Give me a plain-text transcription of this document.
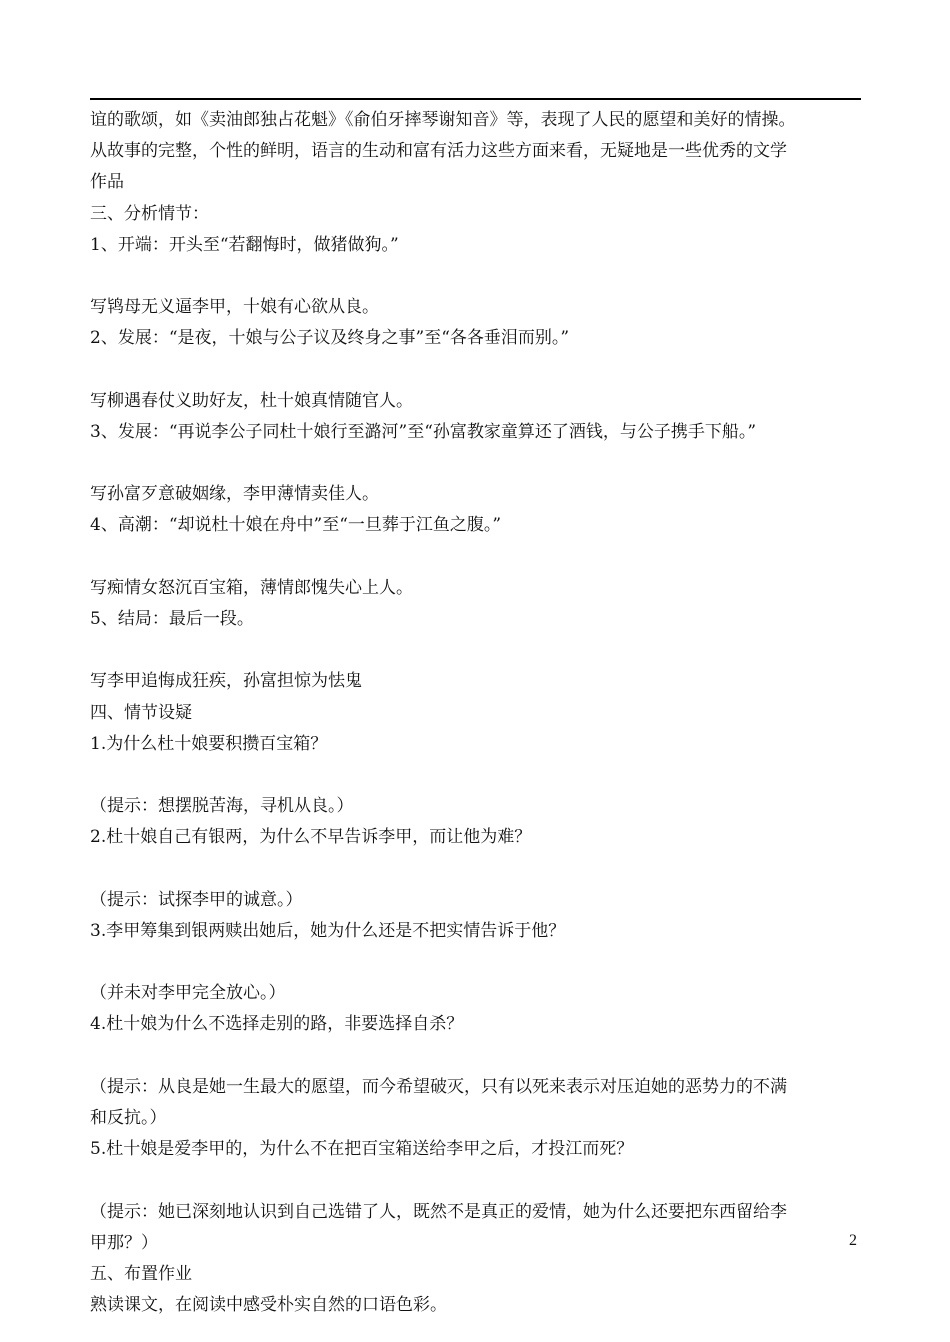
谊的歌颂，如《卖油郎独占花魁》《俞伯牙摔琴谢知音》等，表现了人民的愿望和美好的情操。
从故事的完整，个性的鲜明，语言的生动和富有活力这些方面来看，无疑地是一些优秀的文学
作品
三、分析情节：
1、开端：开头至“若翻悔时，做猪做狗。”
写鸨母无义逼李甲，十娘有心欲从良。
2、发展：“是夜，十娘与公子议及终身之事”至“各各垂泪而别。”
写柳遇春仗义助好友，杜十娘真情随官人。
3、发展：“再说李公子同杜十娘行至潞河”至“孙富教家童算还了酒钱，与公子携手下船。”
写孙富歹意破姻缘，李甲薄情卖佳人。
4、高潮：“却说杜十娘在舟中”至“一旦葬于江鱼之腹。”
写痴情女怒沉百宝箱，薄情郎愧失心上人。
5、结局：最后一段。
写李甲追悔成狂疾，孙富担惊为怯鬼
四、情节设疑
1.为什么杜十娘要积攒百宝箱？
（提示：想摆脱苦海，寻机从良。）
2.杜十娘自己有银两，为什么不早告诉李甲，而让他为难？
（提示：试探李甲的诚意。）
3.李甲筹集到银两赎出她后，她为什么还是不把实情告诉于他？
（并未对李甲完全放心。）
4.杜十娘为什么不选择走别的路，非要选择自杀？
（提示：从良是她一生最大的愿望，而今希望破灭，只有以死来表示对压迫她的恶势力的不满
和反抗。）
5.杜十娘是爱李甲的，为什么不在把百宝箱送给李甲之后，才投江而死？
（提示：她已深刻地认识到自己选错了人，既然不是真正的爱情，她为什么还要把东西留给李
甲那？）
五、布置作业
熟读课文，在阅读中感受朴实自然的口语色彩。
2
